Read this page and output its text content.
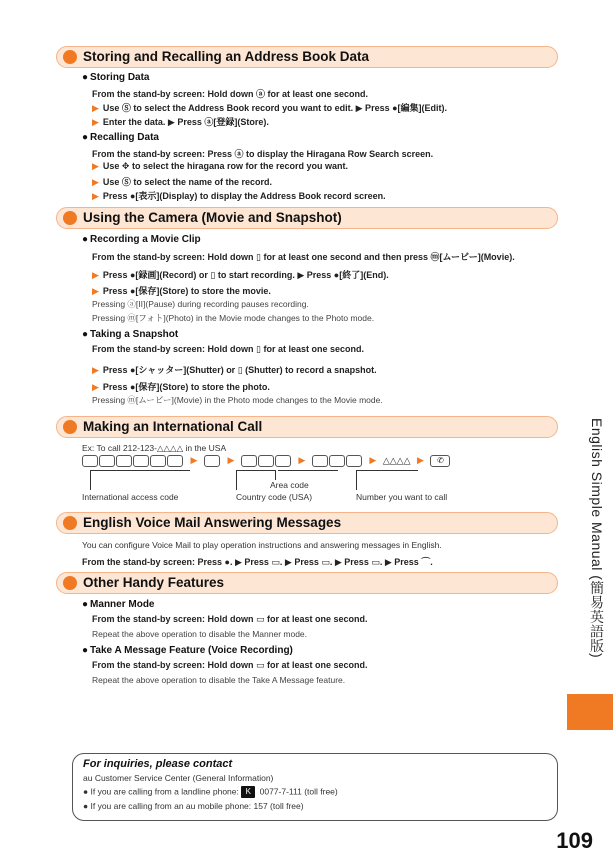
Storing and Recalling an Address Book Data
● Storing Data
From the stand-by screen: Hold down ⓐ for at least one second.
▶ Use Ⓢ to select the Address Book record you want to edit. ▶ Press ●[編集](Edit).
▶ Enter the data. ▶ Press ⓐ[登録](Store).
● Recalling Data
From the stand-by screen: Press ⓐ to display the Hiragana Row Search screen.
▶ Use ✥ to select the hiragana row for the record you want.
▶ Use Ⓢ to select the name of the record.
▶ Press ●[表示](Display) to display the Address Book record screen.
Using the Camera (Movie and Snapshot)
● Recording a Movie Clip
From the stand-by screen: Hold down ▯ for at least one second and then press ⓜ[ムービー](Movie).
▶ Press ●[録画](Record) or ▯ to start recording. ▶ Press ●[終了](End).
▶ Press ●[保存](Store) to store the movie.
Pressing ⓐ[II](Pause) during recording pauses recording.
Pressing ⓜ[フォト](Photo) in the Movie mode changes to the Photo mode.
● Taking a Snapshot
From the stand-by screen: Hold down ▯ for at least one second.
▶ Press ●[シャッター](Shutter) or ▯ (Shutter) to record a snapshot.
▶ Press ●[保存](Store) to store the photo.
Pressing ⓜ[ムービー](Movie) in the Photo mode changes to the Movie mode.
Making an International Call
Ex: To call 212-123-△△△△ in the USA
▶	▶	▶	▶ △△△△ ▶ ✆
Area code
International access code	Country code (USA)	Number you want to call
English Voice Mail Answering Messages
You can configure Voice Mail to play operation instructions and answering messages in English.
From the stand-by screen: Press ●. ▶ Press ▭. ▶ Press ▭. ▶ Press ▭. ▶ Press ⌒.
Other Handy Features
● Manner Mode
From the stand-by screen: Hold down ▭ for at least one second.
Repeat the above operation to disable the Manner mode.
● Take A Message Feature (Voice Recording)
From the stand-by screen: Hold down ▭ for at least one second.
Repeat the above operation to disable the Take A Message feature.
English Simple Manual (簡易英語版)
For inquiries, please contact
au Customer Service Center (General Information)
● If you are calling from a landline phone: K 0077-7-111 (toll free)
● If you are calling from an au mobile phone: 157 (toll free)
109
